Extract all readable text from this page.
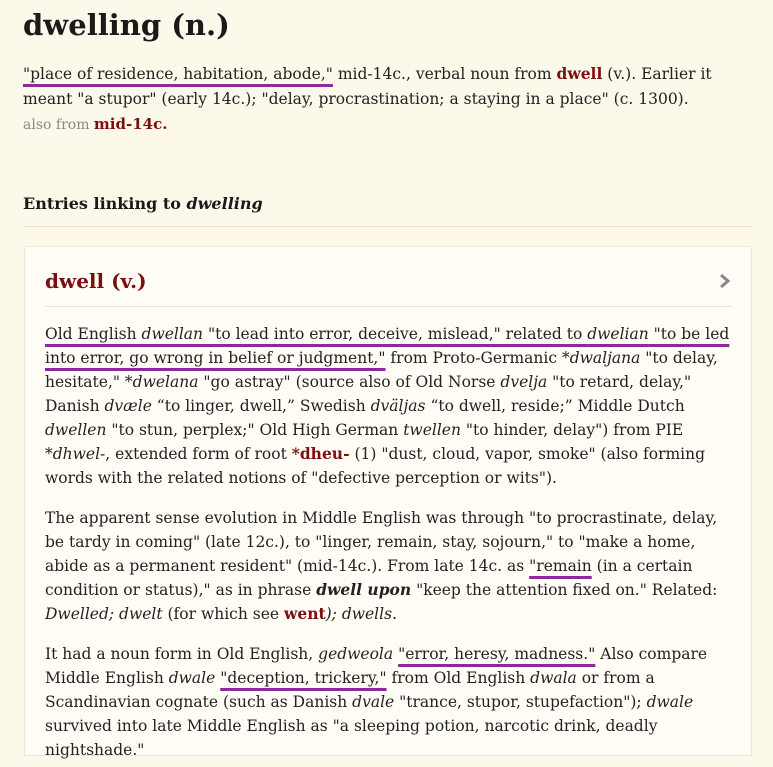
dwelling (n.)

"place of residence, habitation, abode," mid-14c., verbal noun from dwell (v.). Earlier it meant "a stupor" (early 14c.); "delay, procrastination; a staying in a place" (c. 1300).

also from mid-14c.
Entries linking to dwelling
dwell (v.)

Old English dwellan "to lead into error, deceive, mislead," related to dwelian "to be led into error, go wrong in belief or judgment," from Proto-Germanic *dwaljana "to delay, hesitate," *dwelana "go astray" (source also of Old Norse dvelja "to retard, delay," Danish dvæle “to linger, dwell,” Swedish dväljas “to dwell, reside;” Middle Dutch dwellen "to stun, perplex;" Old High German twellen "to hinder, delay") from PIE *dhwel-, extended form of root *dheu- (1) "dust, cloud, vapor, smoke" (also forming words with the related notions of "defective perception or wits").

The apparent sense evolution in Middle English was through "to procrastinate, delay, be tardy in coming" (late 12c.), to "linger, remain, stay, sojourn," to "make a home, abide as a permanent resident" (mid-14c.). From late 14c. as "remain (in a certain condition or status)," as in phrase dwell upon "keep the attention fixed on." Related: Dwelled; dwelt (for which see went); dwells.

It had a noun form in Old English, gedweola "error, heresy, madness." Also compare Middle English dwale "deception, trickery," from Old English dwala or from a Scandinavian cognate (such as Danish dvale "trance, stupor, stupefaction"); dwale survived into late Middle English as "a sleeping potion, narcotic drink, deadly nightshade."
